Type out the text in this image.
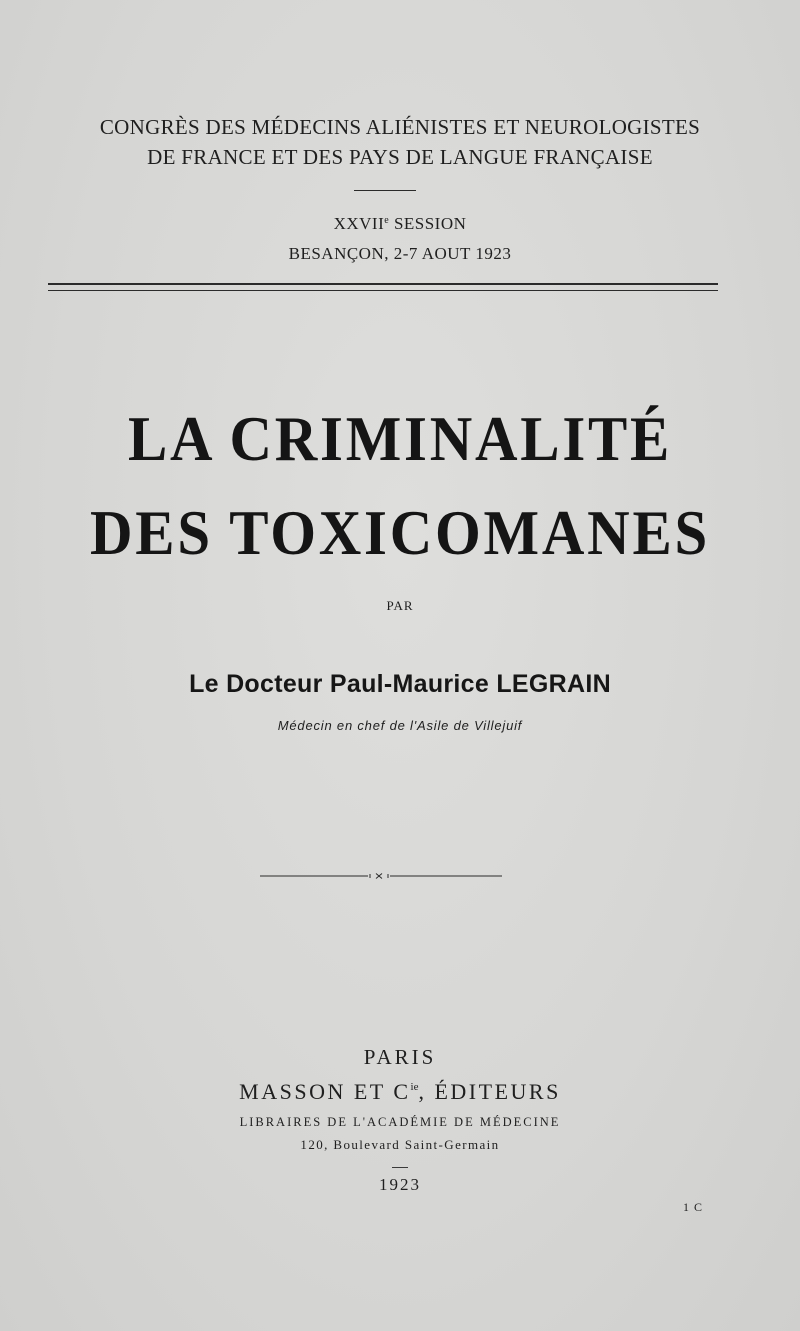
CONGRÈS DES MÉDECINS ALIÉNISTES ET NEUROLOGISTES
DE FRANCE ET DES PAYS DE LANGUE FRANÇAISE
XXVIIe SESSION
BESANÇON, 2-7 AOUT 1923
LA CRIMINALITÉ
DES TOXICOMANES
PAR
Le Docteur Paul-Maurice LEGRAIN
Médecin en chef de l'Asile de Villejuif
PARIS
MASSON ET $C^{ie}$, ÉDITEURS
LIBRAIRES DE L'ACADÉMIE DE MÉDECINE
120, Boulevard Saint-Germain
1923
1 C
